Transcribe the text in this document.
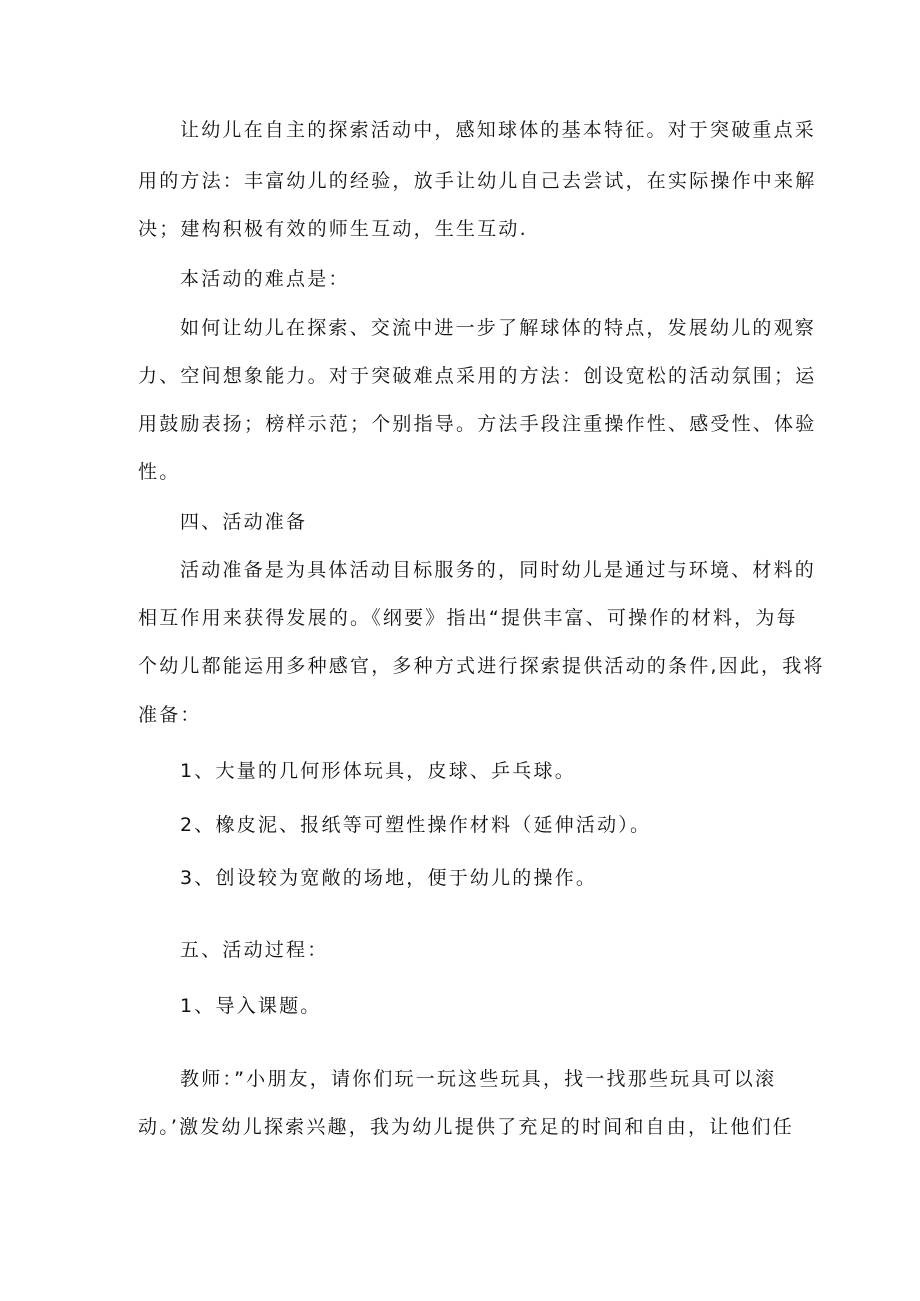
让幼儿在自主的探索活动中，感知球体的基本特征。对于突破重点采

用的方法：丰富幼儿的经验，放手让幼儿自己去尝试，在实际操作中来解

决；建构积极有效的师生互动，生生互动.

本活动的难点是：

如何让幼儿在探索、交流中进一步了解球体的特点，发展幼儿的观察

力、空间想象能力。对于突破难点采用的方法：创设宽松的活动氛围；运

用鼓励表扬；榜样示范；个别指导。方法手段注重操作性、感受性、体验

性。

四、活动准备

活动准备是为具体活动目标服务的，同时幼儿是通过与环境、材料的

相互作用来获得发展的。《纲要》指出“提供丰富、可操作的材料，为每

个幼儿都能运用多种感官，多种方式进行探索提供活动的条件,因此，我将

准备：

1、大量的几何形体玩具，皮球、乒乓球。

2、橡皮泥、报纸等可塑性操作材料（延伸活动）。

3、创设较为宽敞的场地，便于幼儿的操作。

五、活动过程：

1、导入课题。

教师：”小朋友，请你们玩一玩这些玩具，找一找那些玩具可以滚

动。’激发幼儿探索兴趣，我为幼儿提供了充足的时间和自由，让他们任
